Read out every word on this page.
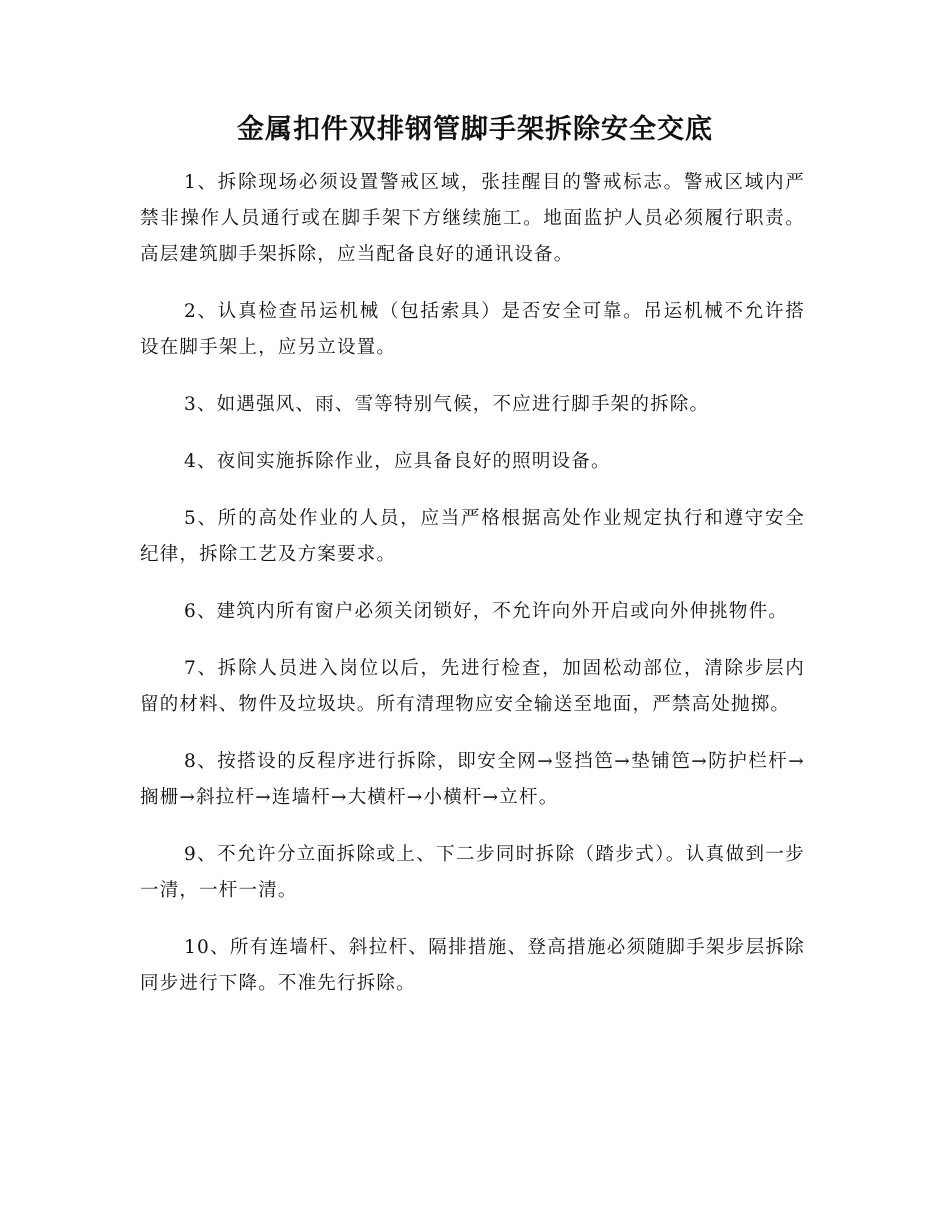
金属扣件双排钢管脚手架拆除安全交底

1、拆除现场必须设置警戒区域，张挂醒目的警戒标志。警戒区域内严禁非操作人员通行或在脚手架下方继续施工。地面监护人员必须履行职责。高层建筑脚手架拆除，应当配备良好的通讯设备。

2、认真检查吊运机械（包括索具）是否安全可靠。吊运机械不允许搭设在脚手架上，应另立设置。

3、如遇强风、雨、雪等特别气候，不应进行脚手架的拆除。

4、夜间实施拆除作业，应具备良好的照明设备。

5、所的高处作业的人员，应当严格根据高处作业规定执行和遵守安全纪律，拆除工艺及方案要求。

6、建筑内所有窗户必须关闭锁好，不允许向外开启或向外伸挑物件。

7、拆除人员进入岗位以后，先进行检查，加固松动部位，清除步层内留的材料、物件及垃圾块。所有清理物应安全输送至地面，严禁高处抛掷。

8、按搭设的反程序进行拆除，即安全网→竖挡笆→垫铺笆→防护栏杆→搁栅→斜拉杆→连墙杆→大横杆→小横杆→立杆。

9、不允许分立面拆除或上、下二步同时拆除（踏步式）。认真做到一步一清，一杆一清。

10、所有连墙杆、斜拉杆、隔排措施、登高措施必须随脚手架步层拆除同步进行下降。不准先行拆除。
